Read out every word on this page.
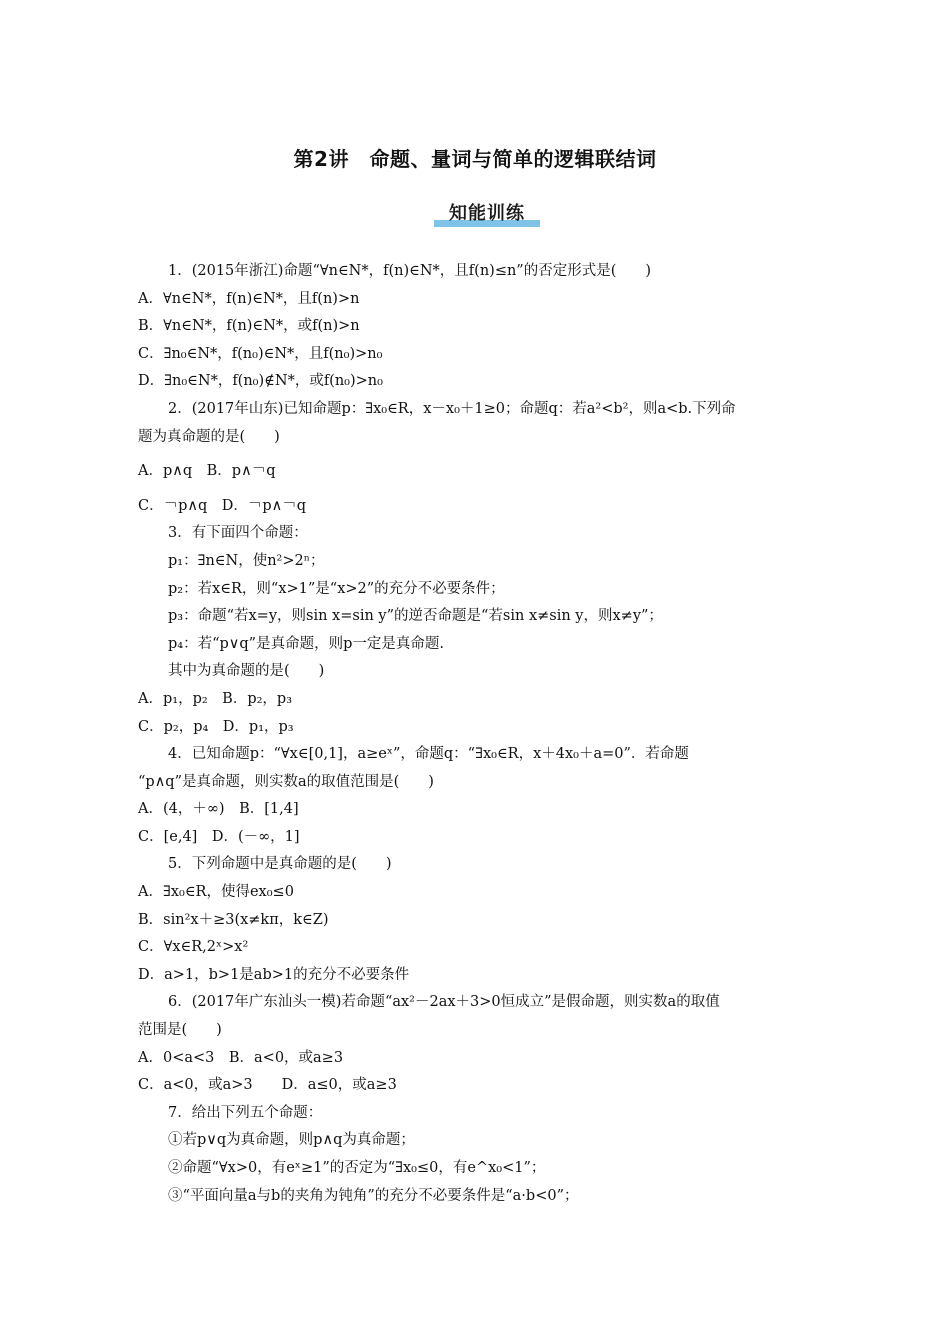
第2讲　命题、量词与简单的逻辑联结词
知能训练
1．(2015年浙江)命题“∀n∈N*，f(n)∈N*，且f(n)≤n”的否定形式是(　　)
A．∀n∈N*，f(n)∈N*，且f(n)>n
B．∀n∈N*，f(n)∈N*，或f(n)>n
C．∃n₀∈N*，f(n₀)∈N*，且f(n₀)>n₀
D．∃n₀∈N*，f(n₀)∉N*，或f(n₀)>n₀
2．(2017年山东)已知命题p：∃x₀∈R，x－x₀＋1≥0；命题q：若a²<b²，则a<b.下列命
题为真命题的是(　　)
A．p∧q　B．p∧￢q
C．￢p∧q　D．￢p∧￢q
3．有下面四个命题：
p₁：∃n∈N，使n²>2ⁿ；
p₂：若x∈R，则“x>1”是“x>2”的充分不必要条件；
p₃：命题“若x=y，则sin x=sin y”的逆否命题是“若sin x≠sin y，则x≠y”；
p₄：若“p∨q”是真命题，则p一定是真命题.
其中为真命题的是(　　)
A．p₁，p₂　B．p₂，p₃
C．p₂，p₄　D．p₁，p₃
4．已知命题p：“∀x∈[0,1]，a≥eˣ”，命题q：“∃x₀∈R，x＋4x₀＋a=0”．若命题
“p∧q”是真命题，则实数a的取值范围是(　　)
A．(4，＋∞)　B．[1,4]
C．[e,4]　D．(－∞，1]
5．下列命题中是真命题的是(　　)
A．∃x₀∈R，使得ex₀≤0
B．sin²x＋≥3(x≠kπ，k∈Z)
C．∀x∈R,2ˣ>x²
D．a>1，b>1是ab>1的充分不必要条件
6．(2017年广东汕头一模)若命题“ax²－2ax＋3>0恒成立”是假命题，则实数a的取值
范围是(　　)
A．0<a<3　B．a<0，或a≥3
C．a<0，或a>3　　D．a≤0，或a≥3
7．给出下列五个命题：
①若p∨q为真命题，则p∧q为真命题；
②命题“∀x>0，有eˣ≥1”的否定为“∃x₀≤0，有e^x₀<1”；
③“平面向量a与b的夹角为钝角”的充分不必要条件是“a·b<0”；
